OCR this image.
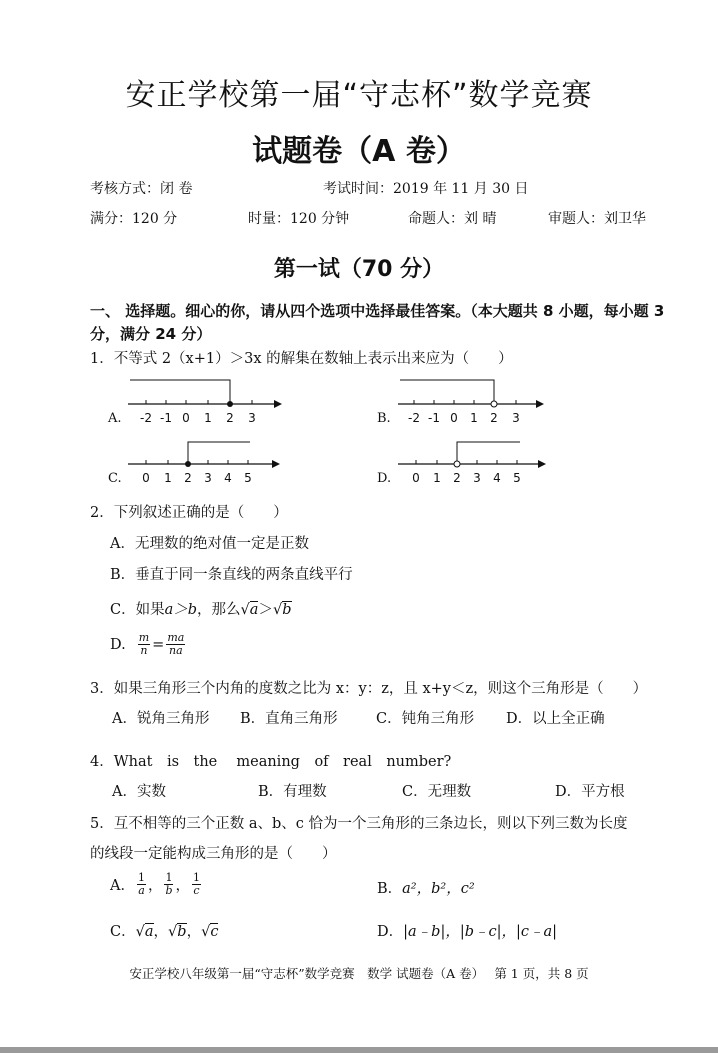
安正学校第一届“守志杯”数学竞赛
试题卷（A 卷）
考核方式：闭 卷	考试时间：2019 年 11 月 30 日
满分：120 分	时量：120 分钟	命题人：刘 晴	审题人：刘卫华
第一试（70 分）
一、 选择题。细心的你，请从四个选项中选择最佳答案。（本大题共 8 小题，每小题 3 分，满分 24 分）
1．不等式 2（x+1）＞3x 的解集在数轴上表示出来应为（　　）
A.	B.
C.	D.
-2 -1 0 1 2 3	-2 -1 0 1 2 3
0 1 2 3 4 5	0 1 2 3 4 5
2．下列叙述正确的是（　　）
A．无理数的绝对值一定是正数
B．垂直于同一条直线的两条直线平行
C．如果a＞b，那么√a＞√b
D. $\frac{m}{n} = \frac{ma}{na}$
3．如果三角形三个内角的度数之比为 x：y：z，且 x+y＜z，则这个三角形是（　　）
A．锐角三角形 B．直角三角形	C．钝角三角形 D．以上全正确
4．What　is　the　 meaning　of　real　number?
A．实数	B．有理数	C．无理数	D．平方根
5．互不相等的三个正数 a、b、c 恰为一个三角形的三条边长，则以下列三数为长度
的线段一定能构成三角形的是（　　）
A． $\frac{1}{a}$ ， $\frac{1}{b}$ ， $\frac{1}{c}$	B．a²，b²，c²
C．√a，√b，√c	D．|a﹣b|，|b﹣c|，|c﹣a|
安正学校八年级第一届“守志杯”数学竞赛　数学 试题卷（A 卷）　 第 1 页，共 8 页
